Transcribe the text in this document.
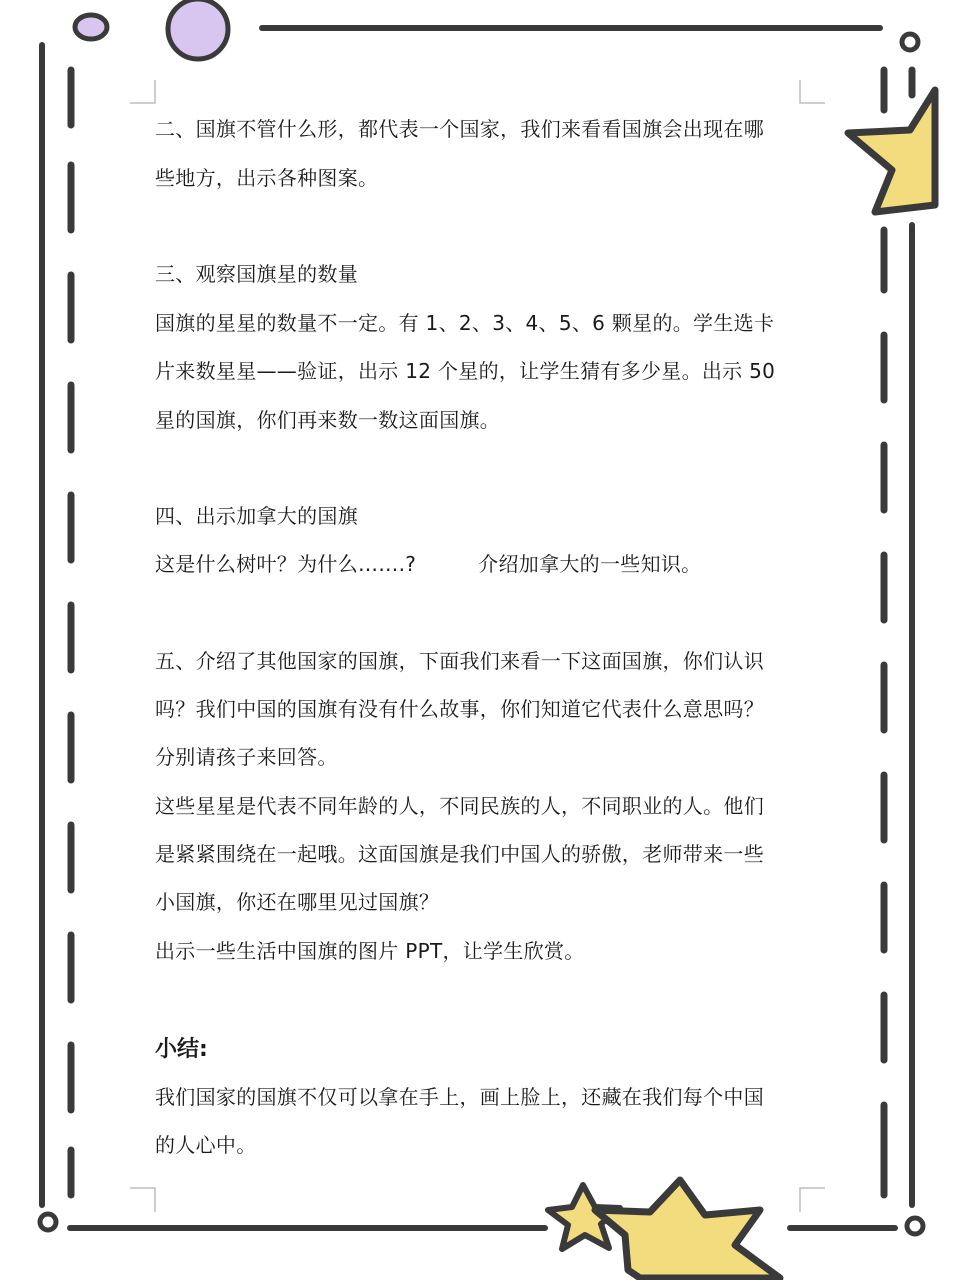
二、国旗不管什么形，都代表一个国家，我们来看看国旗会出现在哪
些地方，出示各种图案。
三、观察国旗星的数量
国旗的星星的数量不一定。有 1、2、3、4、5、6 颗星的。学生选卡
片来数星星——验证，出示 12 个星的，让学生猜有多少星。出示 50
星的国旗，你们再来数一数这面国旗。
四、出示加拿大的国旗
这是什么树叶？为什么…….?	介绍加拿大的一些知识。
五、介绍了其他国家的国旗，下面我们来看一下这面国旗，你们认识
吗？我们中国的国旗有没有什么故事，你们知道它代表什么意思吗？
分别请孩子来回答。
这些星星是代表不同年龄的人，不同民族的人，不同职业的人。他们
是紧紧围绕在一起哦。这面国旗是我们中国人的骄傲，老师带来一些
小国旗，你还在哪里见过国旗？
出示一些生活中国旗的图片 PPT，让学生欣赏。
小结:
我们国家的国旗不仅可以拿在手上，画上脸上，还藏在我们每个中国
的人心中。
